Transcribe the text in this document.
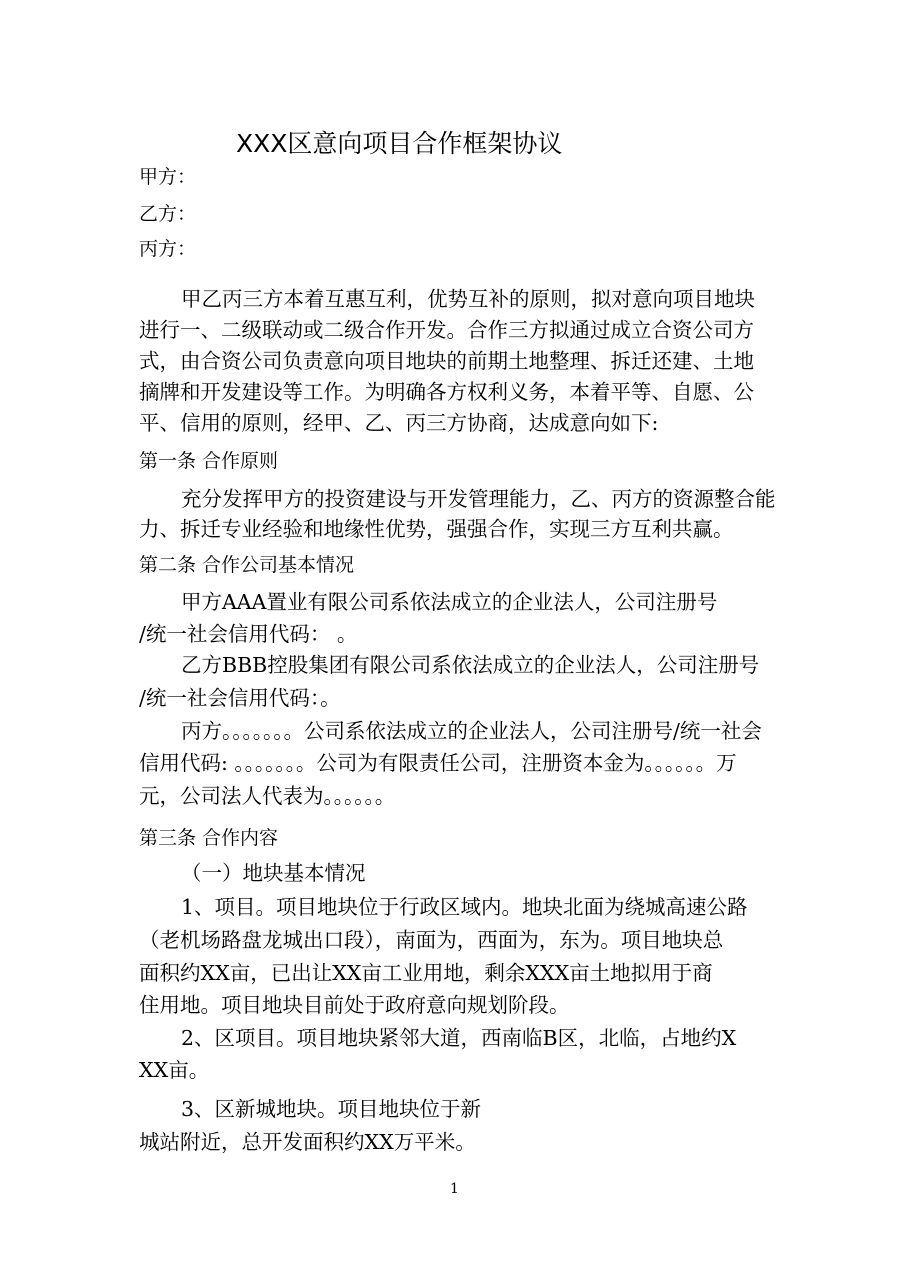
XXX区意向项目合作框架协议
甲方：
乙方：
丙方：
甲乙丙三方本着互惠互利，优势互补的原则，拟对意向项目地块
进行一、二级联动或二级合作开发。合作三方拟通过成立合资公司方
式，由合资公司负责意向项目地块的前期土地整理、拆迁还建、土地
摘牌和开发建设等工作。为明确各方权利义务，本着平等、自愿、公
平、信用的原则，经甲、乙、丙三方协商，达成意向如下:
第一条 合作原则
充分发挥甲方的投资建设与开发管理能力，乙、丙方的资源整合能
力、拆迁专业经验和地缘性优势，强强合作，实现三方互利共赢。
第二条 合作公司基本情况
甲方AAA置业有限公司系依法成立的企业法人，公司注册号
/统一社会信用代码： 。
乙方BBB控股集团有限公司系依法成立的企业法人，公司注册号
/统一社会信用代码：。
丙方。。。。。。。公司系依法成立的企业法人，公司注册号/统一社会
信用代码: 。。。。。。。公司为有限责任公司，注册资本金为。。。。。。万
元，公司法人代表为。。。。。。
第三条 合作内容
（一）地块基本情况
1、项目。项目地块位于行政区域内。地块北面为绕城高速公路
（老机场路盘龙城出口段），南面为，西面为，东为。项目地块总
面积约XX亩，已出让XX亩工业用地，剩余XXX亩土地拟用于商
住用地。项目地块目前处于政府意向规划阶段。
2、区项目。项目地块紧邻大道，西南临B区，北临，占地约X
XX亩。
3、区新城地块。项目地块位于新
城站附近，总开发面积约XX万平米。
1
